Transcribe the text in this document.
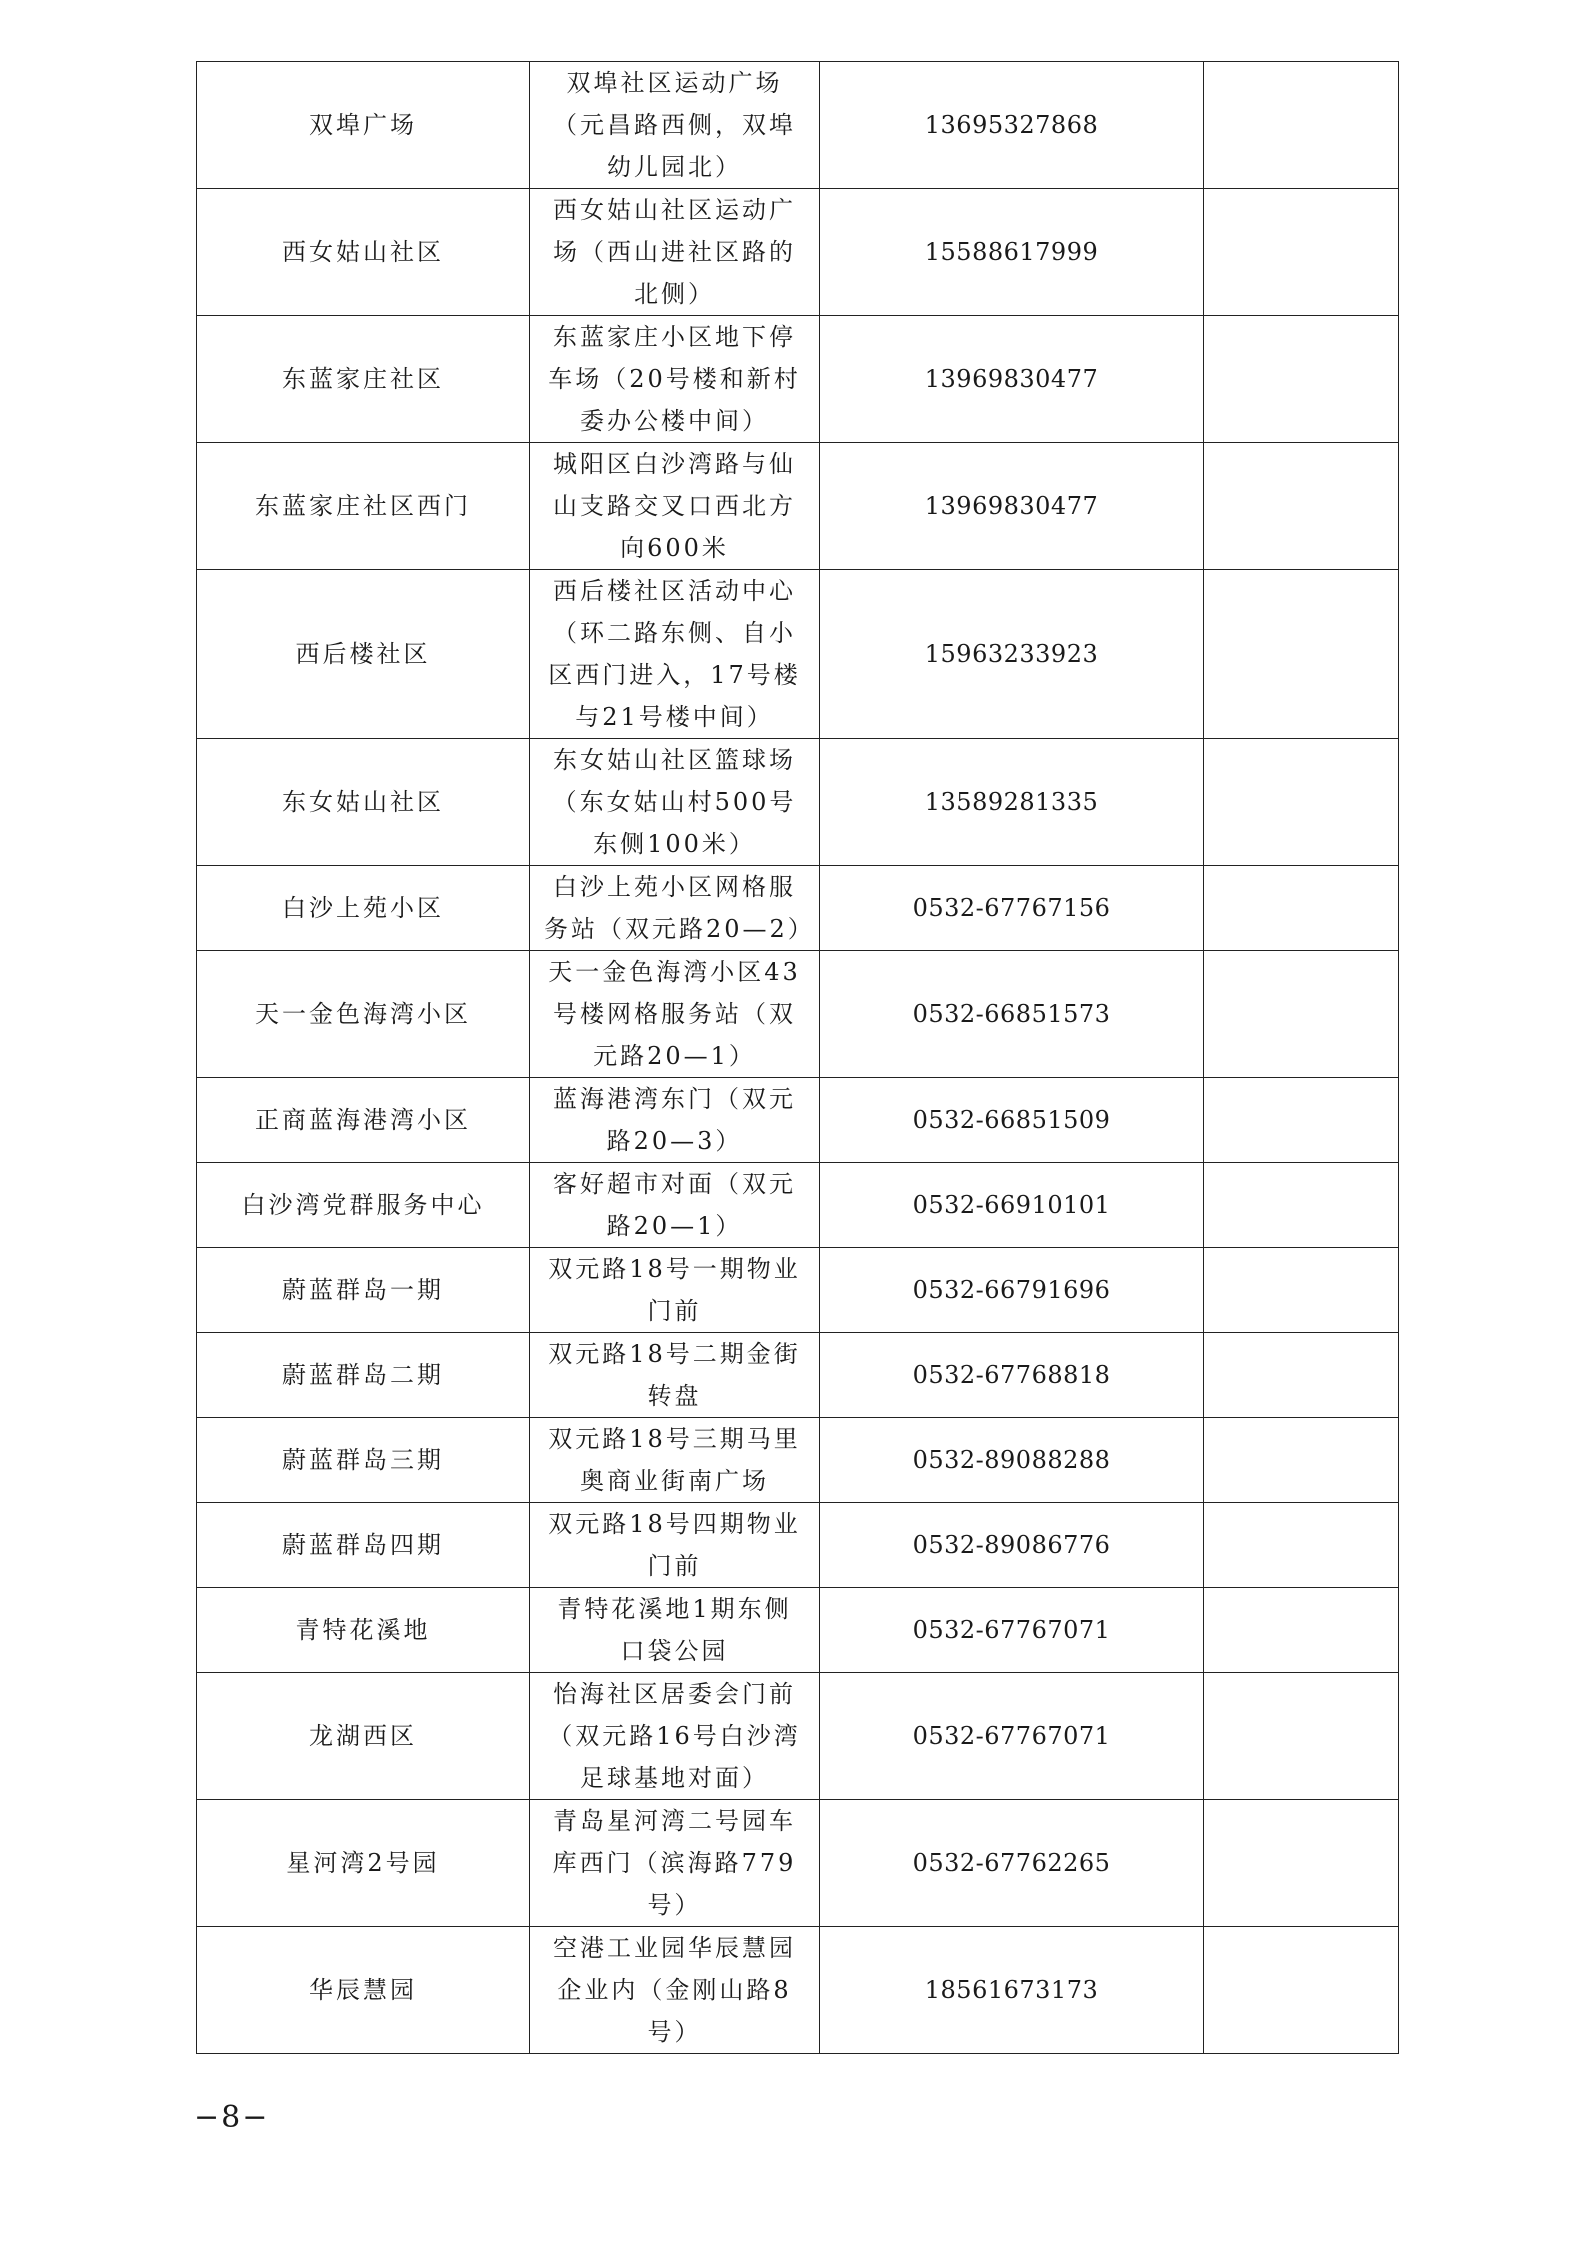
双埠广场	双埠社区运动广场（元昌路西侧，双埠幼儿园北）	13695327868	
西女姑山社区	西女姑山社区运动广场（西山进社区路的北侧）	15588617999	
东蓝家庄社区	东蓝家庄小区地下停车场（20号楼和新村委办公楼中间）	13969830477	
东蓝家庄社区西门	城阳区白沙湾路与仙山支路交叉口西北方向600米	13969830477	
西后楼社区	西后楼社区活动中心（环二路东侧、自小区西门进入，17号楼与21号楼中间）	15963233923	
东女姑山社区	东女姑山社区篮球场（东女姑山村500号东侧100米）	13589281335	
白沙上苑小区	白沙上苑小区网格服务站（双元路20—2）	0532-67767156	
天一金色海湾小区	天一金色海湾小区43号楼网格服务站（双元路20—1）	0532-66851573	
正商蓝海港湾小区	蓝海港湾东门（双元路20—3）	0532-66851509	
白沙湾党群服务中心	客好超市对面（双元路20—1）	0532-66910101	
蔚蓝群岛一期	双元路18号一期物业门前	0532-66791696	
蔚蓝群岛二期	双元路18号二期金街转盘	0532-67768818	
蔚蓝群岛三期	双元路18号三期马里奥商业街南广场	0532-89088288	
蔚蓝群岛四期	双元路18号四期物业门前	0532-89086776	
青特花溪地	青特花溪地1期东侧口袋公园	0532-67767071	
龙湖西区	怡海社区居委会门前（双元路16号白沙湾足球基地对面）	0532-67767071	
星河湾2号园	青岛星河湾二号园车库西门（滨海路779号）	0532-67762265	
华辰慧园	空港工业园华辰慧园企业内（金刚山路8号）	18561673173	
−8−
